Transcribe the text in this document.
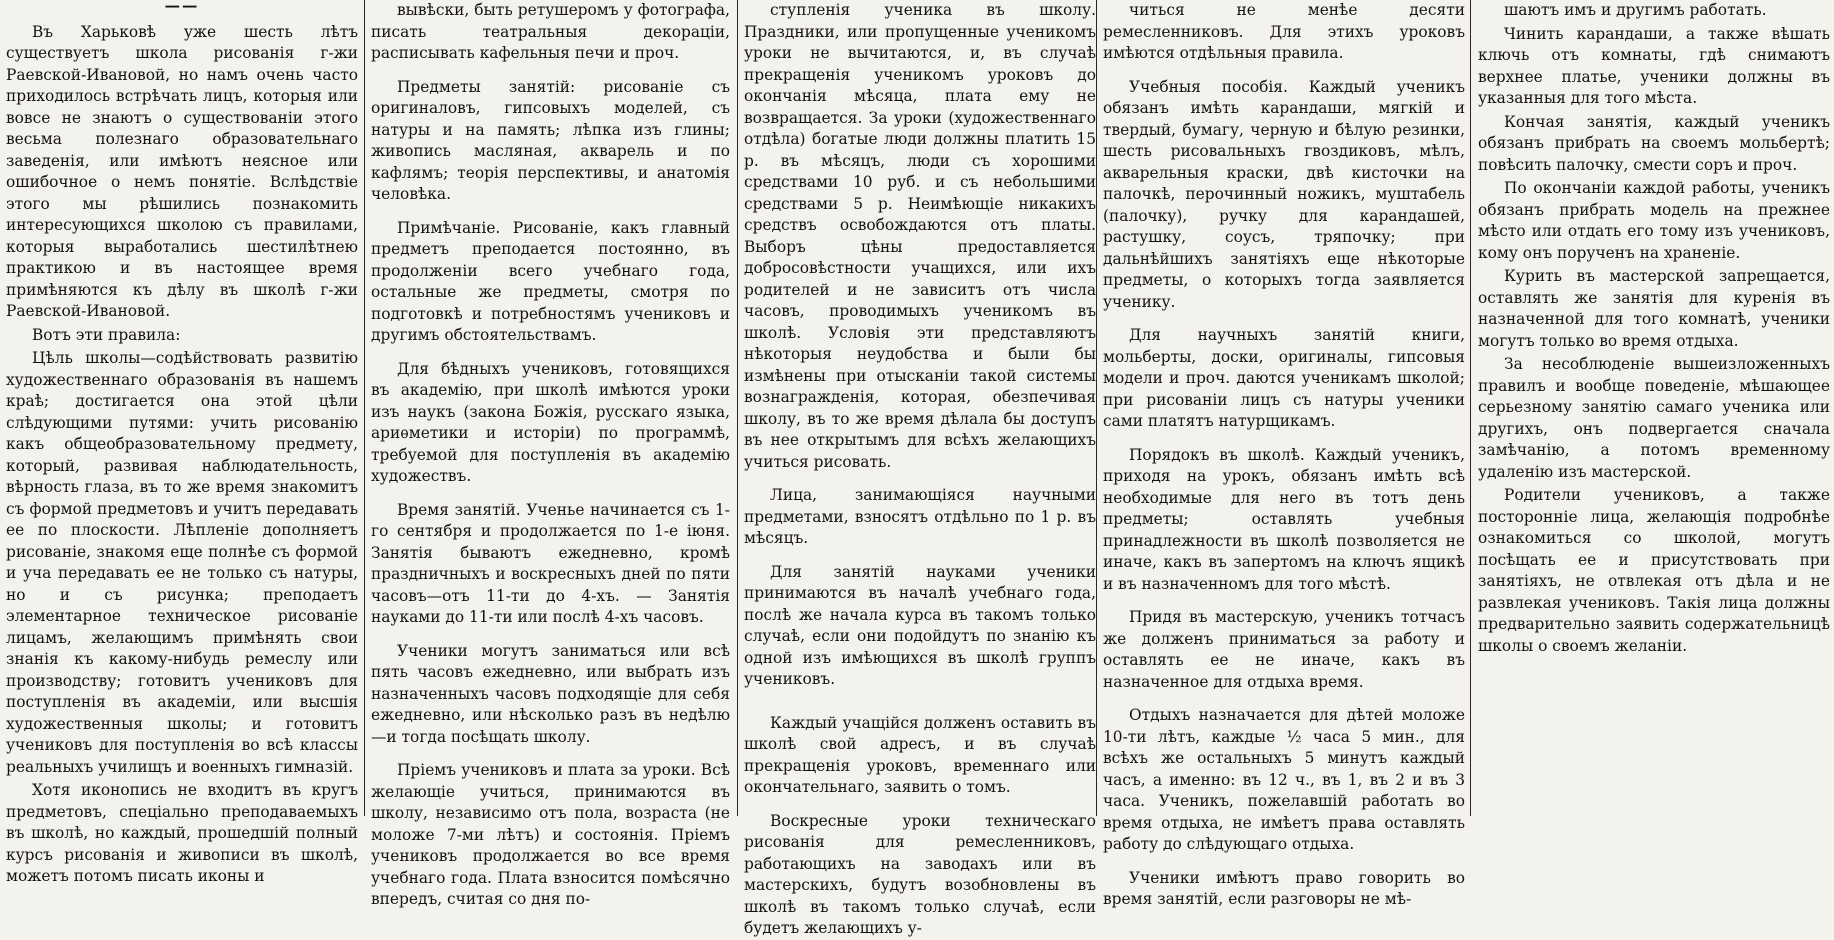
——

Въ Харьковѣ уже шесть лѣтъ существуетъ школа рисованія г-жи Раевской-Ивановой, но намъ очень часто приходилось встрѣчать лицъ, которыя или вовсе не знаютъ о существованіи этого весьма полезнаго образовательнаго заведенія, или имѣютъ неясное или ошибочное о немъ понятіе. Вслѣдствіе этого мы рѣшились познакомить интересующихся школою съ правилами, которыя выработались шестилѣтнею практикою и въ настоящее время примѣняются къ дѣлу въ школѣ г-жи Раевской-Ивановой.

Вотъ эти правила:

Цѣль школы—содѣйствовать развитію художественнаго образованія въ нашемъ краѣ; достигается она этой цѣли слѣдующими путями: учить рисованію какъ общеобразовательному предмету, который, развивая наблюдательность, вѣрность глаза, въ то же время знакомитъ съ формой предметовъ и учитъ передавать ее по плоскости. Лѣпленіе дополняетъ рисованіе, знакомя еще полнѣе съ формой и уча передавать ее не только съ натуры, но и съ рисунка; преподаетъ элементарное техническое рисованіе лицамъ, желающимъ примѣнять свои знанія къ какому-нибудь ремеслу или производству; готовитъ учениковъ для поступленія въ академіи, или высшія художественныя школы; и готовитъ учениковъ для поступленія во всѣ классы реальныхъ училищъ и военныхъ гимназій.

Хотя иконопись не входитъ въ кругъ предметовъ, спеціально преподаваемыхъ въ школѣ, но каждый, прошедшій полный курсъ рисованія и живописи въ школѣ, можетъ потомъ писать иконы и

вывѣски, быть ретушеромъ у фотографа, писать театральныя декораціи, расписывать кафельныя печи и проч.

Предметы занятій: рисованіе съ оригиналовъ, гипсовыхъ моделей, съ натуры и на память; лѣпка изъ глины; живопись масляная, акварель и по кафлямъ; теорія перспективы, и анатомія человѣка.

Примѣчаніе. Рисованіе, какъ главный предметъ преподается постоянно, въ продолженіи всего учебнаго года, остальные же предметы, смотря по подготовкѣ и потребностямъ учениковъ и другимъ обстоятельствамъ.

Для бѣдныхъ учениковъ, готовящихся въ академію, при школѣ имѣются уроки изъ наукъ (закона Божія, русскаго языка, ариѳметики и исторіи) по программѣ, требуемой для поступленія въ академію художествъ.

Время занятій. Ученье начинается съ 1-го сентября и продолжается по 1-е іюня. Занятія бываютъ ежедневно, кромѣ праздничныхъ и воскресныхъ дней по пяти часовъ—отъ 11-ти до 4-хъ. — Занятія науками до 11-ти или послѣ 4-хъ часовъ.

Ученики могутъ заниматься или всѣ пять часовъ ежедневно, или выбрать изъ назначенныхъ часовъ подходящіе для себя ежедневно, или нѣсколько разъ въ недѣлю—и тогда посѣщать школу.

Пріемъ учениковъ и плата за уроки. Всѣ желающіе учиться, принимаются въ школу, независимо отъ пола, возраста (не моложе 7-ми лѣтъ) и состоянія. Пріемъ учениковъ продолжается во все время учебнаго года. Плата взносится помѣсячно впередъ, считая со дня по-

ступленія ученика въ школу. Праздники, или пропущенные ученикомъ уроки не вычитаются, и, въ случаѣ прекращенія ученикомъ уроковъ до окончанія мѣсяца, плата ему не возвращается. За уроки (художественнаго отдѣла) богатые люди должны платить 15 р. въ мѣсяцъ, люди съ хорошими средствами 10 руб. и съ небольшими средствами 5 р. Неимѣющіе никакихъ средствъ освобождаются отъ платы. Выборъ цѣны предоставляется добросовѣстности учащихся, или ихъ родителей и не зависитъ отъ числа часовъ, проводимыхъ ученикомъ въ школѣ. Условія эти представляютъ нѣкоторыя неудобства и были бы измѣнены при отысканіи такой системы вознагражденія, которая, обезпечивая школу, въ то же время дѣлала бы доступъ въ нее открытымъ для всѣхъ желающихъ учиться рисовать.

Лица, занимающіяся научными предметами, взносятъ отдѣльно по 1 р. въ мѣсяцъ.

Для занятій науками ученики принимаются въ началѣ учебнаго года, послѣ же начала курса въ такомъ только случаѣ, если они подойдутъ по знанію къ одной изъ имѣющихся въ школѣ группъ учениковъ.

Каждый учащійся долженъ оставить въ школѣ свой адресъ, и въ случаѣ прекращенія уроковъ, временнаго или окончательнаго, заявить о томъ.

Воскресные уроки техническаго рисованія для ремесленниковъ, работающихъ на заводахъ или въ мастерскихъ, будутъ возобновлены въ школѣ въ такомъ только случаѣ, если будетъ желающихъ у-

читься не менѣе десяти ремесленниковъ. Для этихъ уроковъ имѣются отдѣльныя правила.

Учебныя пособія. Каждый ученикъ обязанъ имѣть карандаши, мягкій и твердый, бумагу, черную и бѣлую резинки, шесть рисовальныхъ гвоздиковъ, мѣлъ, акварельныя краски, двѣ кисточки на палочкѣ, перочинный ножикъ, муштабель (палочку), ручку для карандашей, растушку, соусъ, тряпочку; при дальнѣйшихъ занятіяхъ еще нѣкоторые предметы, о которыхъ тогда заявляется ученику.

Для научныхъ занятій книги, мольберты, доски, оригиналы, гипсовыя модели и проч. даются ученикамъ школой; при рисованіи лицъ съ натуры ученики сами платятъ натурщикамъ.

Порядокъ въ школѣ. Каждый ученикъ, приходя на урокъ, обязанъ имѣть всѣ необходимые для него въ тотъ день предметы; оставлять учебныя принадлежности въ школѣ позволяется не иначе, какъ въ запертомъ на ключъ ящикѣ и въ назначенномъ для того мѣстѣ.

Придя въ мастерскую, ученикъ тотчасъ же долженъ приниматься за работу и оставлять ее не иначе, какъ въ назначенное для отдыха время.

Отдыхъ назначается для дѣтей моложе 10-ти лѣтъ, каждые ½ часа 5 мин., для всѣхъ же остальныхъ 5 минутъ каждый часъ, а именно: въ 12 ч., въ 1, въ 2 и въ 3 часа. Ученикъ, пожелавшій работать во время отдыха, не имѣетъ права оставлять работу до слѣдующаго отдыха.

Ученики имѣютъ право говорить во время занятій, если разговоры не мѣ-

шаютъ имъ и другимъ работать.

Чинить карандаши, а также вѣшать ключь отъ комнаты, гдѣ снимаютъ верхнее платье, ученики должны въ указанныя для того мѣста.

Кончая занятія, каждый ученикъ обязанъ прибрать на своемъ мольбертѣ; повѣсить палочку, смести соръ и проч.

По окончаніи каждой работы, ученикъ обязанъ прибрать модель на прежнее мѣсто или отдать его тому изъ учениковъ, кому онъ порученъ на храненіе.

Курить въ мастерской запрещается, оставлять же занятія для куренія въ назначенной для того комнатѣ, ученики могутъ только во время отдыха.

За несоблюденіе вышеизложенныхъ правилъ и вообще поведеніе, мѣшающее серьезному занятію самаго ученика или другихъ, онъ подвергается сначала замѣчанію, а потомъ временному удаленію изъ мастерской.

Родители учениковъ, а также посторонніе лица, желающія подробнѣе ознакомиться со школой, могутъ посѣщать ее и присутствовать при занятіяхъ, не отвлекая отъ дѣла и не развлекая учениковъ. Такія лица должны предварительно заявить содержательницѣ школы о своемъ желаніи.
